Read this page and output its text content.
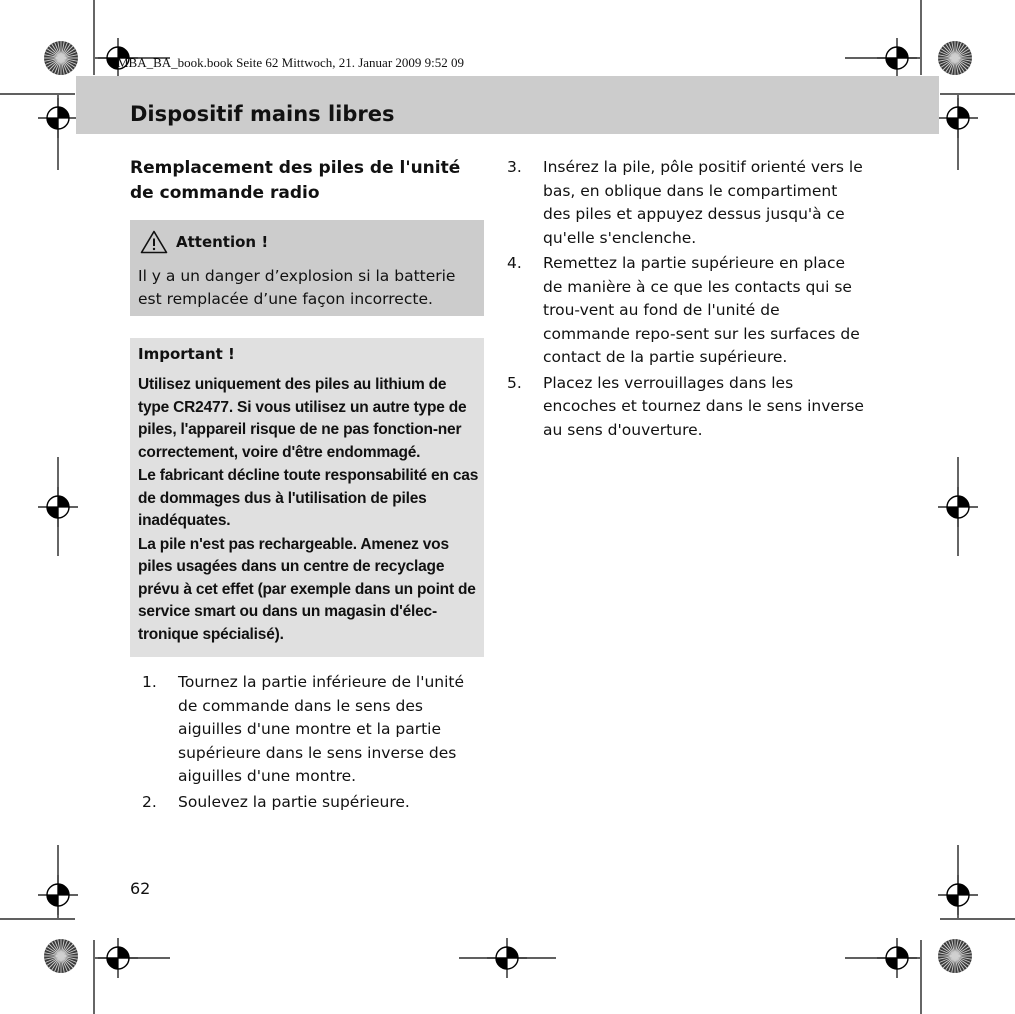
MBA_BA_book.book Seite 62 Mittwoch, 21. Januar 2009 9:52 09
Dispositif mains libres
Remplacement des piles de l'unité de commande radio
Attention !
Il y a un danger d’explosion si la batterie est remplacée d’une façon incorrecte.
Important !

Utilisez uniquement des piles au lithium de type CR2477. Si vous utilisez un autre type de piles, l'appareil risque de ne pas fonction-ner correctement, voire d'être endommagé.

Le fabricant décline toute responsabilité en cas de dommages dus à l'utilisation de piles inadéquates.

La pile n'est pas rechargeable. Amenez vos piles usagées dans un centre de recyclage prévu à cet effet (par exemple dans un point de service smart ou dans un magasin d'élec-tronique spécialisé).

1. Tournez la partie inférieure de l'unité de commande dans le sens des aiguilles d'une montre et la partie supérieure dans le sens inverse des aiguilles d'une montre.
2. Soulevez la partie supérieure.
3. Insérez la pile, pôle positif orienté vers le bas, en oblique dans le compartiment des piles et appuyez dessus jusqu'à ce qu'elle s'enclenche.
4. Remettez la partie supérieure en place de manière à ce que les contacts qui se trou-vent au fond de l'unité de commande repo-sent sur les surfaces de contact de la partie supérieure.
5. Placez les verrouillages dans les encoches et tournez dans le sens inverse au sens d'ouverture.
62
